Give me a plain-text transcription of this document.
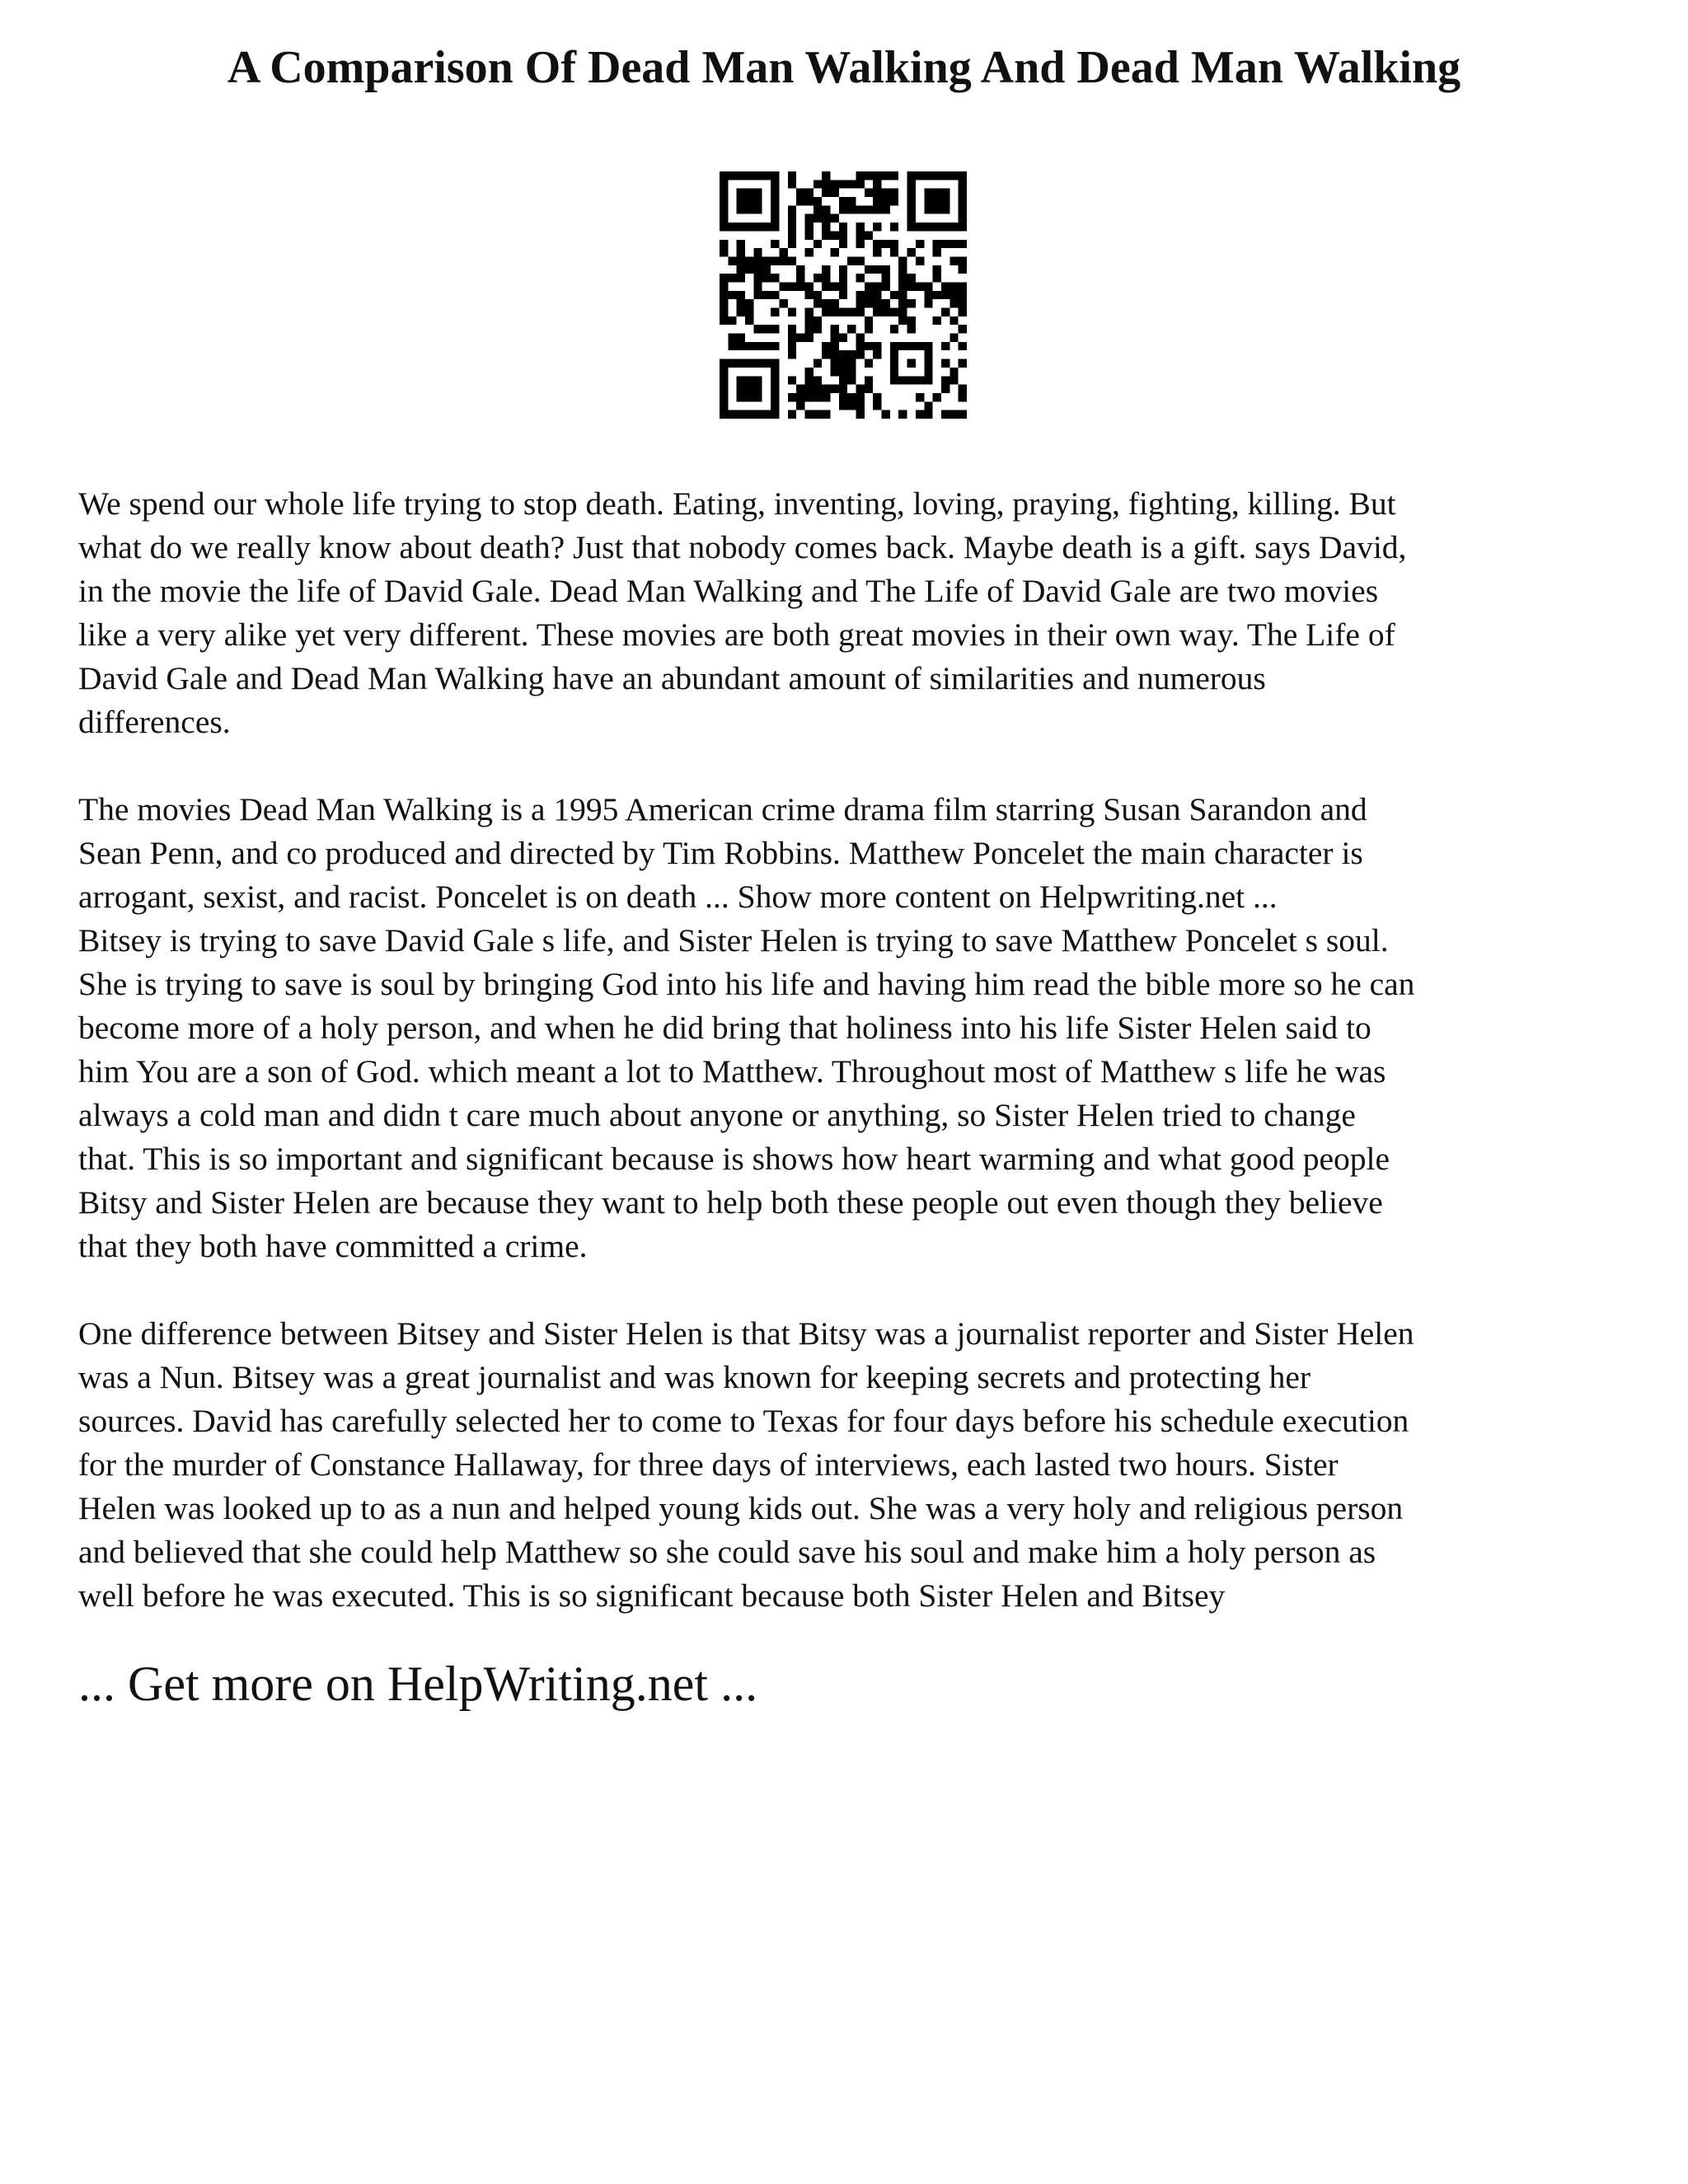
A Comparison Of Dead Man Walking And Dead Man Walking

We spend our whole life trying to stop death. Eating, inventing, loving, praying, fighting, killing. But
what do we really know about death? Just that nobody comes back. Maybe death is a gift. says David,
in the movie the life of David Gale. Dead Man Walking and The Life of David Gale are two movies
like a very alike yet very different. These movies are both great movies in their own way. The Life of
David Gale and Dead Man Walking have an abundant amount of similarities and numerous
differences.

The movies Dead Man Walking is a 1995 American crime drama film starring Susan Sarandon and
Sean Penn, and co produced and directed by Tim Robbins. Matthew Poncelet the main character is
arrogant, sexist, and racist. Poncelet is on death ... Show more content on Helpwriting.net ...

Bitsey is trying to save David Gale s life, and Sister Helen is trying to save Matthew Poncelet s soul.
She is trying to save is soul by bringing God into his life and having him read the bible more so he can
become more of a holy person, and when he did bring that holiness into his life Sister Helen said to
him You are a son of God. which meant a lot to Matthew. Throughout most of Matthew s life he was
always a cold man and didn t care much about anyone or anything, so Sister Helen tried to change
that. This is so important and significant because is shows how heart warming and what good people
Bitsy and Sister Helen are because they want to help both these people out even though they believe
that they both have committed a crime.

One difference between Bitsey and Sister Helen is that Bitsy was a journalist reporter and Sister Helen
was a Nun. Bitsey was a great journalist and was known for keeping secrets and protecting her
sources. David has carefully selected her to come to Texas for four days before his schedule execution
for the murder of Constance Hallaway, for three days of interviews, each lasted two hours. Sister
Helen was looked up to as a nun and helped young kids out. She was a very holy and religious person
and believed that she could help Matthew so she could save his soul and make him a holy person as
well before he was executed. This is so significant because both Sister Helen and Bitsey

... Get more on HelpWriting.net ...
